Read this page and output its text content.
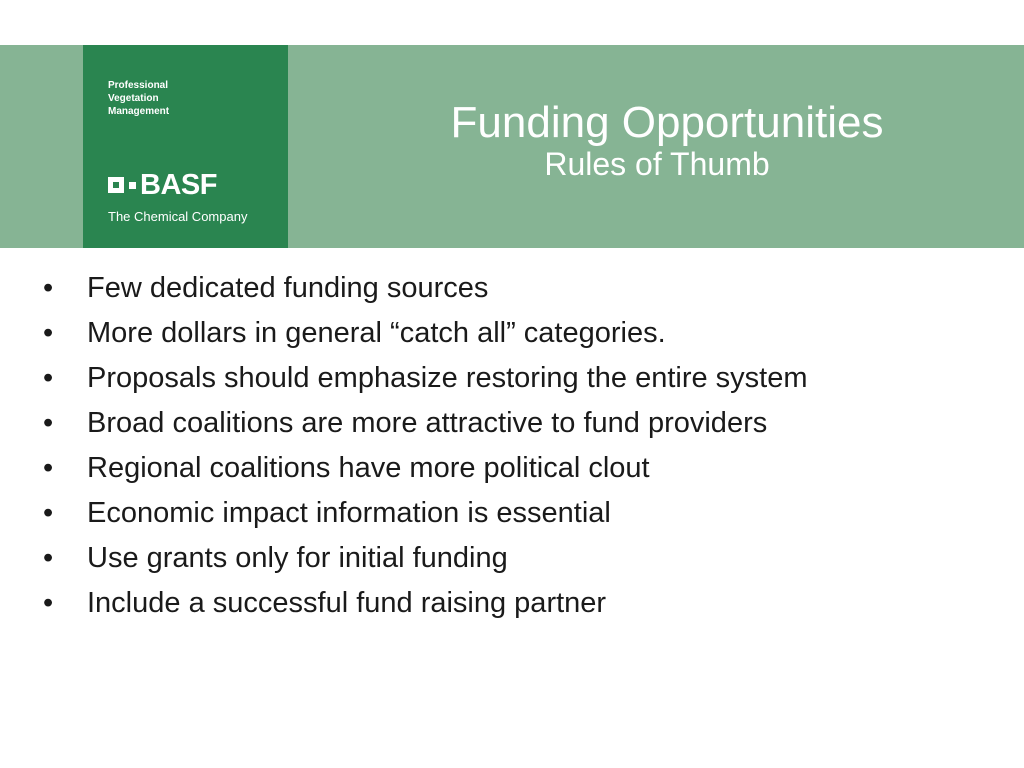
Professional
Vegetation
Management
BASF
The Chemical Company
Funding Opportunities
Rules of Thumb
•	Few dedicated funding sources
•	More dollars in general “catch all” categories.
•	Proposals should emphasize restoring the entire system
•	Broad coalitions are more attractive to fund providers
•	Regional coalitions have more political clout
•	Economic impact information is essential
•	Use grants only for initial funding
•	Include a successful fund raising partner
